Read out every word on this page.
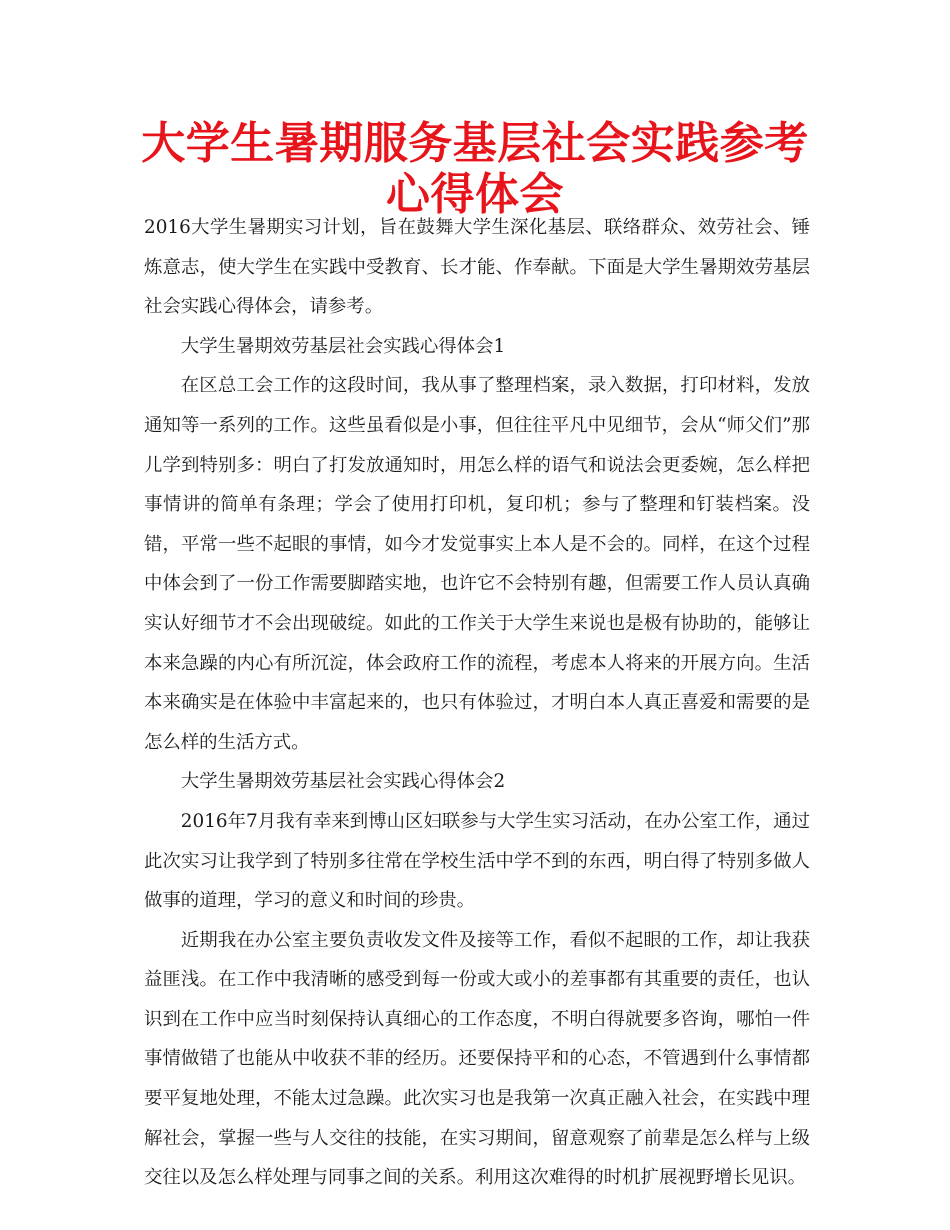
大学生暑期服务基层社会实践参考心得体会

2016大学生暑期实习计划，旨在鼓舞大学生深化基层、联络群众、效劳社会、锤炼意志，使大学生在实践中受教育、长才能、作奉献。下面是大学生暑期效劳基层社会实践心得体会，请参考。

大学生暑期效劳基层社会实践心得体会1

在区总工会工作的这段时间，我从事了整理档案，录入数据，打印材料，发放通知等一系列的工作。这些虽看似是小事，但往往平凡中见细节，会从“师父们”那儿学到特别多：明白了打发放通知时，用怎么样的语气和说法会更委婉，怎么样把事情讲的简单有条理；学会了使用打印机，复印机；参与了整理和钉装档案。没错，平常一些不起眼的事情，如今才发觉事实上本人是不会的。同样，在这个过程中体会到了一份工作需要脚踏实地，也许它不会特别有趣，但需要工作人员认真确实认好细节才不会出现破绽。如此的工作关于大学生来说也是极有协助的，能够让本来急躁的内心有所沉淀，体会政府工作的流程，考虑本人将来的开展方向。生活本来确实是在体验中丰富起来的，也只有体验过，才明白本人真正喜爱和需要的是怎么样的生活方式。

大学生暑期效劳基层社会实践心得体会2

2016年7月我有幸来到博山区妇联参与大学生实习活动，在办公室工作，通过此次实习让我学到了特别多往常在学校生活中学不到的东西，明白得了特别多做人做事的道理，学习的意义和时间的珍贵。

近期我在办公室主要负责收发文件及接等工作，看似不起眼的工作，却让我获益匪浅。在工作中我清晰的感受到每一份或大或小的差事都有其重要的责任，也认识到在工作中应当时刻保持认真细心的工作态度，不明白得就要多咨询，哪怕一件事情做错了也能从中收获不菲的经历。还要保持平和的心态，不管遇到什么事情都要平复地处理，不能太过急躁。此次实习也是我第一次真正融入社会，在实践中理解社会，掌握一些与人交往的技能，在实习期间，留意观察了前辈是怎么样与上级交往以及怎么样处理与同事之间的关系。利用这次难得的时机扩展视野增长见识。
